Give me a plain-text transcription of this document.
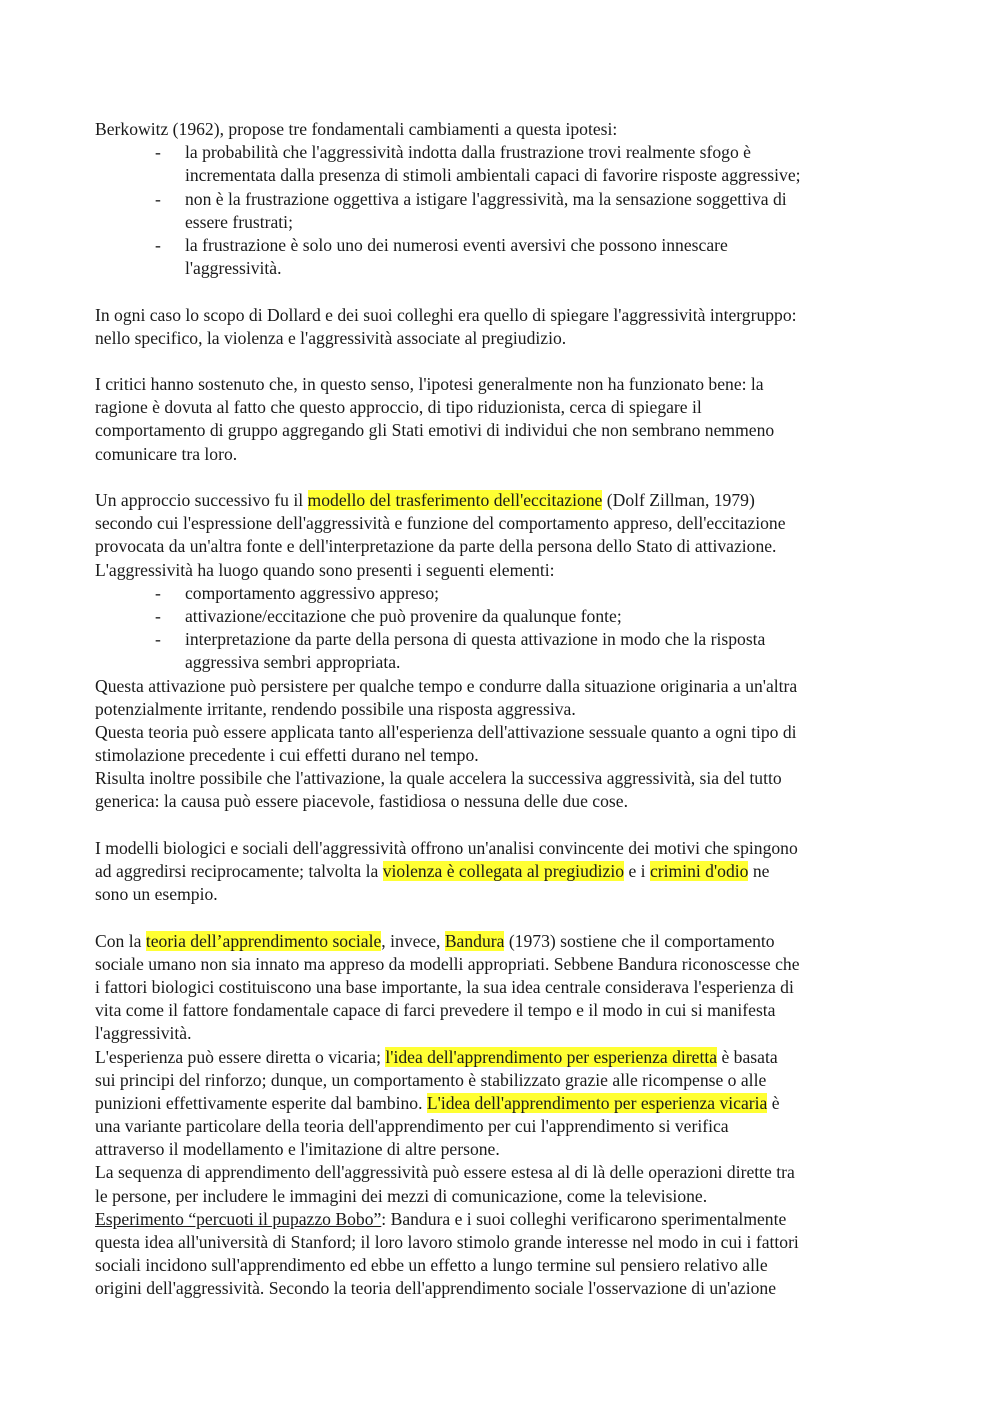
Berkowitz (1962), propose tre fondamentali cambiamenti a questa ipotesi:
-	la probabilità che l'aggressività indotta dalla frustrazione trovi realmente sfogo è
incrementata dalla presenza di stimoli ambientali capaci di favorire risposte aggressive;
-	non è la frustrazione oggettiva a istigare l'aggressività, ma la sensazione soggettiva di
essere frustrati;
-	la frustrazione è solo uno dei numerosi eventi aversivi che possono innescare
l'aggressività.
In ogni caso lo scopo di Dollard e dei suoi colleghi era quello di spiegare l'aggressività intergruppo:
nello specifico, la violenza e l'aggressività associate al pregiudizio.
I critici hanno sostenuto che, in questo senso, l'ipotesi generalmente non ha funzionato bene: la
ragione è dovuta al fatto che questo approccio, di tipo riduzionista, cerca di spiegare il
comportamento di gruppo aggregando gli Stati emotivi di individui che non sembrano nemmeno
comunicare tra loro.
Un approccio successivo fu il modello del trasferimento dell'eccitazione (Dolf Zillman, 1979)
secondo cui l'espressione dell'aggressività e funzione del comportamento appreso, dell'eccitazione
provocata da un'altra fonte e dell'interpretazione da parte della persona dello Stato di attivazione.
L'aggressività ha luogo quando sono presenti i seguenti elementi:
-	comportamento aggressivo appreso;
-	attivazione/eccitazione che può provenire da qualunque fonte;
-	interpretazione da parte della persona di questa attivazione in modo che la risposta
aggressiva sembri appropriata.
Questa attivazione può persistere per qualche tempo e condurre dalla situazione originaria a un'altra
potenzialmente irritante, rendendo possibile una risposta aggressiva.
Questa teoria può essere applicata tanto all'esperienza dell'attivazione sessuale quanto a ogni tipo di
stimolazione precedente i cui effetti durano nel tempo.
Risulta inoltre possibile che l'attivazione, la quale accelera la successiva aggressività, sia del tutto
generica: la causa può essere piacevole, fastidiosa o nessuna delle due cose.
I modelli biologici e sociali dell'aggressività offrono un'analisi convincente dei motivi che spingono
ad aggredirsi reciprocamente; talvolta la violenza è collegata al pregiudizio e i crimini d'odio ne
sono un esempio.
Con la teoria dell’apprendimento sociale, invece, Bandura (1973) sostiene che il comportamento
sociale umano non sia innato ma appreso da modelli appropriati. Sebbene Bandura riconoscesse che
i fattori biologici costituiscono una base importante, la sua idea centrale considerava l'esperienza di
vita come il fattore fondamentale capace di farci prevedere il tempo e il modo in cui si manifesta
l'aggressività.
L'esperienza può essere diretta o vicaria; l'idea dell'apprendimento per esperienza diretta è basata
sui principi del rinforzo; dunque, un comportamento è stabilizzato grazie alle ricompense o alle
punizioni effettivamente esperite dal bambino. L'idea dell'apprendimento per esperienza vicaria è
una variante particolare della teoria dell'apprendimento per cui l'apprendimento si verifica
attraverso il modellamento e l'imitazione di altre persone.
La sequenza di apprendimento dell'aggressività può essere estesa al di là delle operazioni dirette tra
le persone, per includere le immagini dei mezzi di comunicazione, come la televisione.
Esperimento “percuoti il pupazzo Bobo”: Bandura e i suoi colleghi verificarono sperimentalmente
questa idea all'università di Stanford; il loro lavoro stimolo grande interesse nel modo in cui i fattori
sociali incidono sull'apprendimento ed ebbe un effetto a lungo termine sul pensiero relativo alle
origini dell'aggressività. Secondo la teoria dell'apprendimento sociale l'osservazione di un'azione
